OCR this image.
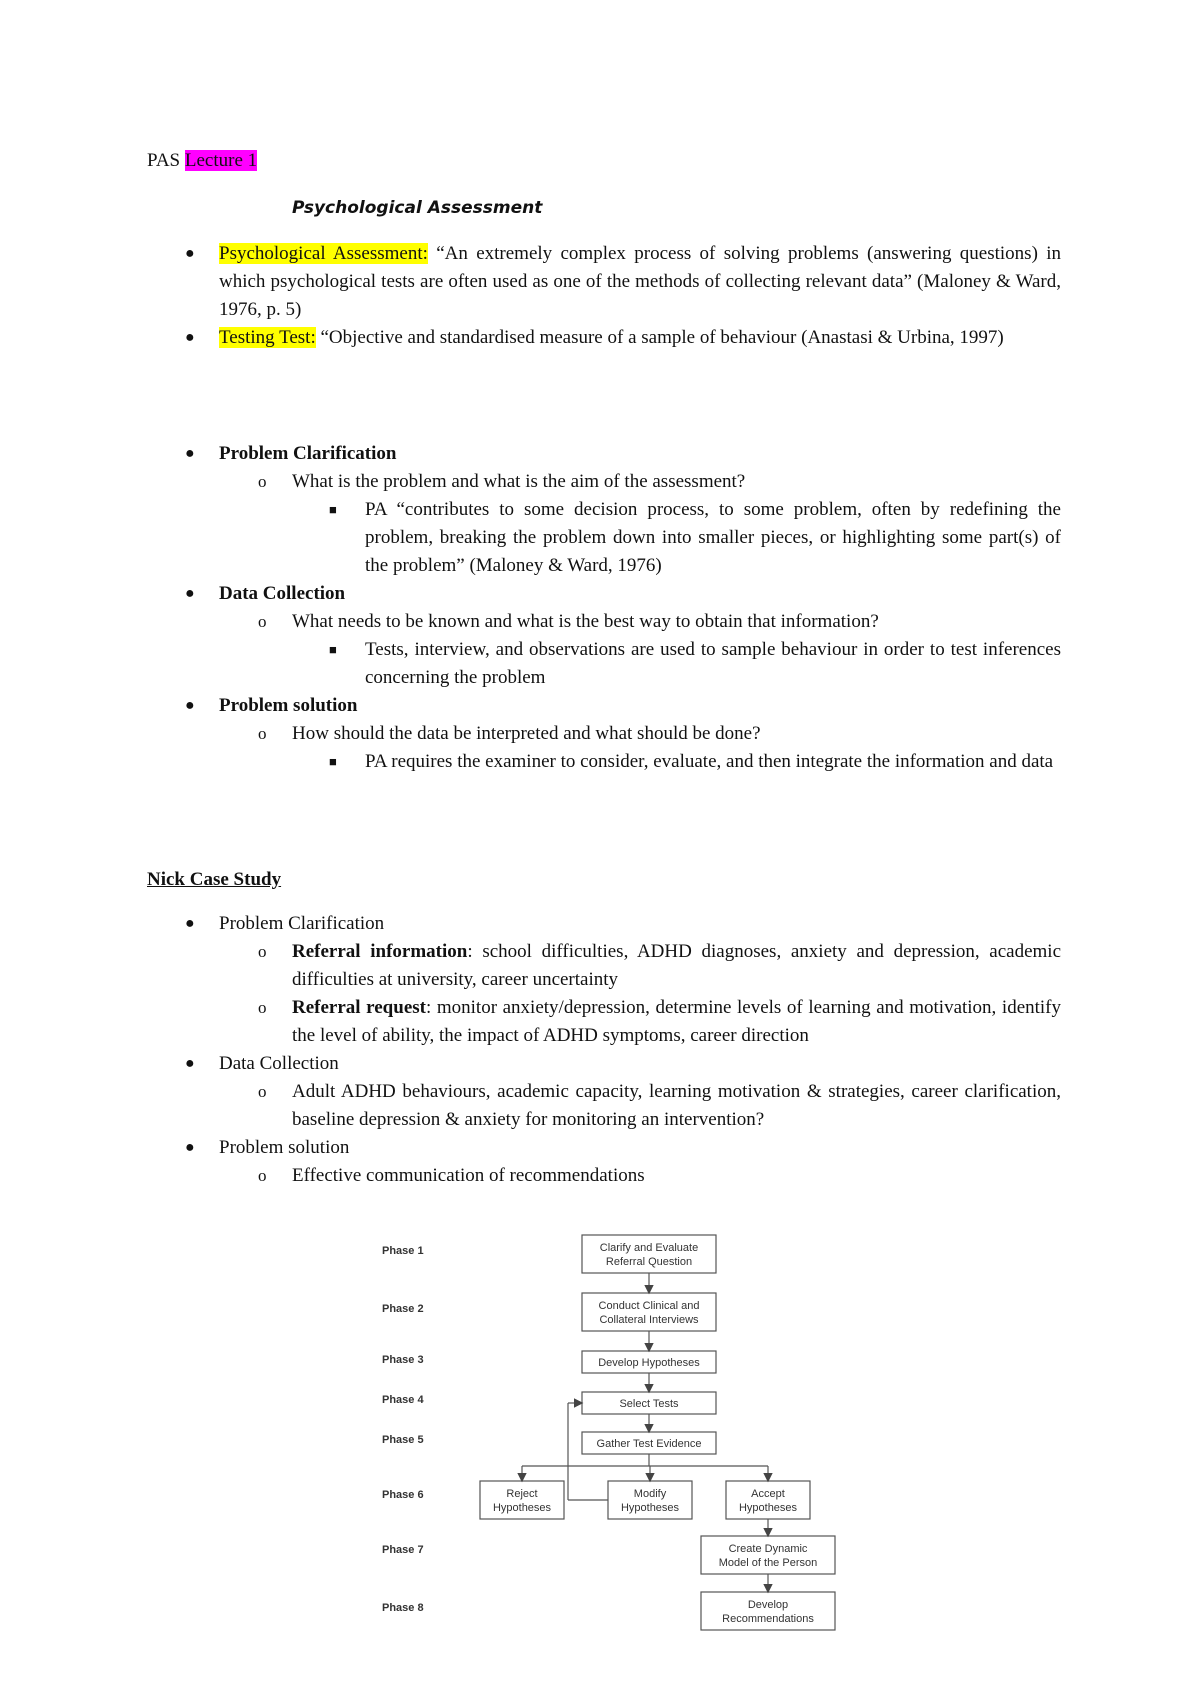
PAS Lecture 1
Psychological Assessment
● Psychological Assessment: “An extremely complex process of solving problems (answering questions) in which psychological tests are often used as one of the methods of collecting relevant data” (Maloney & Ward, 1976, p. 5)
● Testing Test: “Objective and standardised measure of a sample of behaviour (Anastasi & Urbina, 1997)
● Problem Clarification
o What is the problem and what is the aim of the assessment?
■ PA “contributes to some decision process, to some problem, often by redefining the problem, breaking the problem down into smaller pieces, or highlighting some part(s) of the problem” (Maloney & Ward, 1976)
● Data Collection
o What needs to be known and what is the best way to obtain that information?
■ Tests, interview, and observations are used to sample behaviour in order to test inferences concerning the problem
● Problem solution
o How should the data be interpreted and what should be done?
■ PA requires the examiner to consider, evaluate, and then integrate the information and data
Nick Case Study
● Problem Clarification
o Referral information: school difficulties, ADHD diagnoses, anxiety and depression, academic difficulties at university, career uncertainty
o Referral request: monitor anxiety/depression, determine levels of learning and motivation, identify the level of ability, the impact of ADHD symptoms, career direction
● Data Collection
o Adult ADHD behaviours, academic capacity, learning motivation & strategies, career clarification, baseline depression & anxiety for monitoring an intervention?
● Problem solution
o Effective communication of recommendations
Phase 1
Phase 2
Phase 3
Phase 4
Phase 5
Phase 6
Phase 7
Phase 8
Clarify and Evaluate
Referral Question
Conduct Clinical and
Collateral Interviews
Develop Hypotheses
Select Tests
Gather Test Evidence
Reject
Hypotheses
Modify
Hypotheses
Accept
Hypotheses
Create Dynamic
Model of the Person
Develop
Recommendations
